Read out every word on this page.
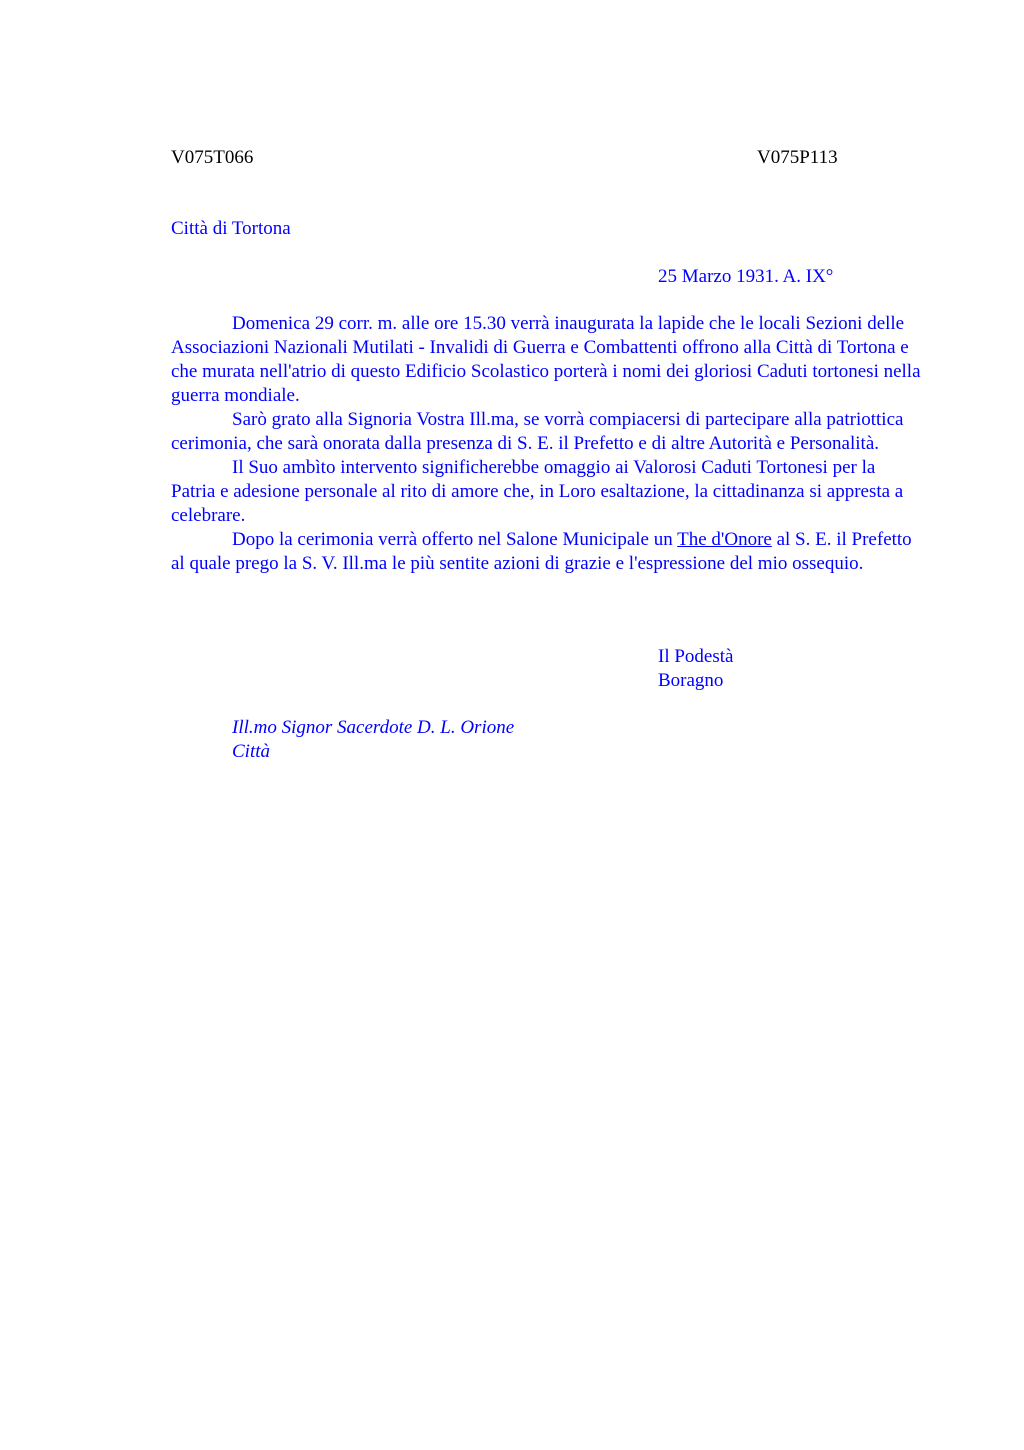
V075T066	V075P113
Città di Tortona
25 Marzo 1931. A. IX°

Domenica 29 corr. m. alle ore 15.30 verrà inaugurata la lapide che le locali Sezioni delle Associazioni Nazionali Mutilati - Invalidi di Guerra e Combattenti offrono alla Città di Tortona e che murata nell'atrio di questo Edificio Scolastico porterà i nomi dei gloriosi Caduti tortonesi nella guerra mondiale.

Sarò grato alla Signoria Vostra Ill.ma, se vorrà compiacersi di partecipare alla patriottica cerimonia, che sarà onorata dalla presenza di S. E. il Prefetto e di altre Autorità e Personalità.

Il Suo ambìto intervento significherebbe omaggio ai Valorosi Caduti Tortonesi per la Patria e adesione personale al rito di amore che, in Loro esaltazione, la cittadinanza si appresta a celebrare.

Dopo la cerimonia verrà offerto nel Salone Municipale un The d'Onore al S. E. il Prefetto al quale prego la S. V. Ill.ma le più sentite azioni di grazie e l'espressione del mio ossequio.

Il Podestà
Boragno
Ill.mo Signor Sacerdote D. L. Orione
Città
